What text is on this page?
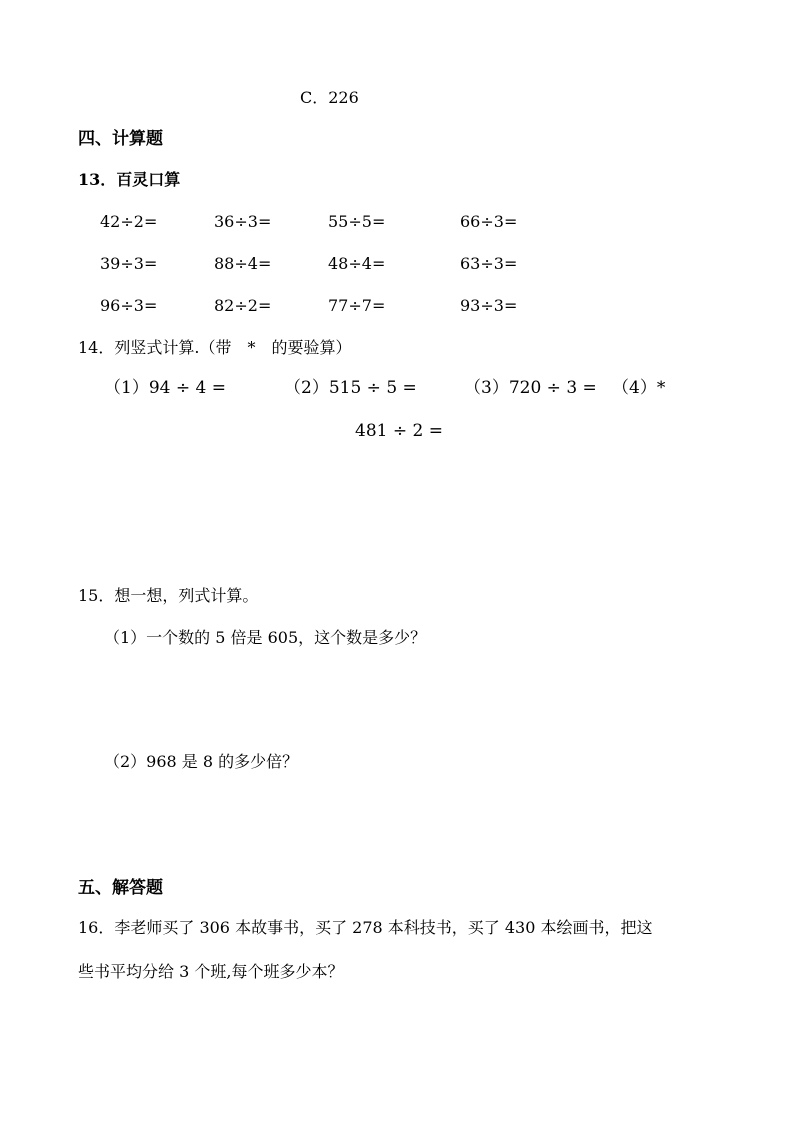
C．226
四、计算题
13．百灵口算
42÷2=	36÷3=	55÷5=	66÷3=
39÷3=	88÷4=	48÷4=	63÷3=
96÷3=	82÷2=	77÷7=	93÷3=
14．列竖式计算.（带　*　的要验算）
（1）94 ÷ 4 =	（2）515 ÷ 5 =	（3）720 ÷ 3 = （4）*
481 ÷ 2 =
15．想一想，列式计算。
（1）一个数的 5 倍是 605，这个数是多少？
（2）968 是 8 的多少倍？
五、解答题
16．李老师买了 306 本故事书，买了 278 本科技书，买了 430 本绘画书，把这
些书平均分给 3 个班,每个班多少本？
